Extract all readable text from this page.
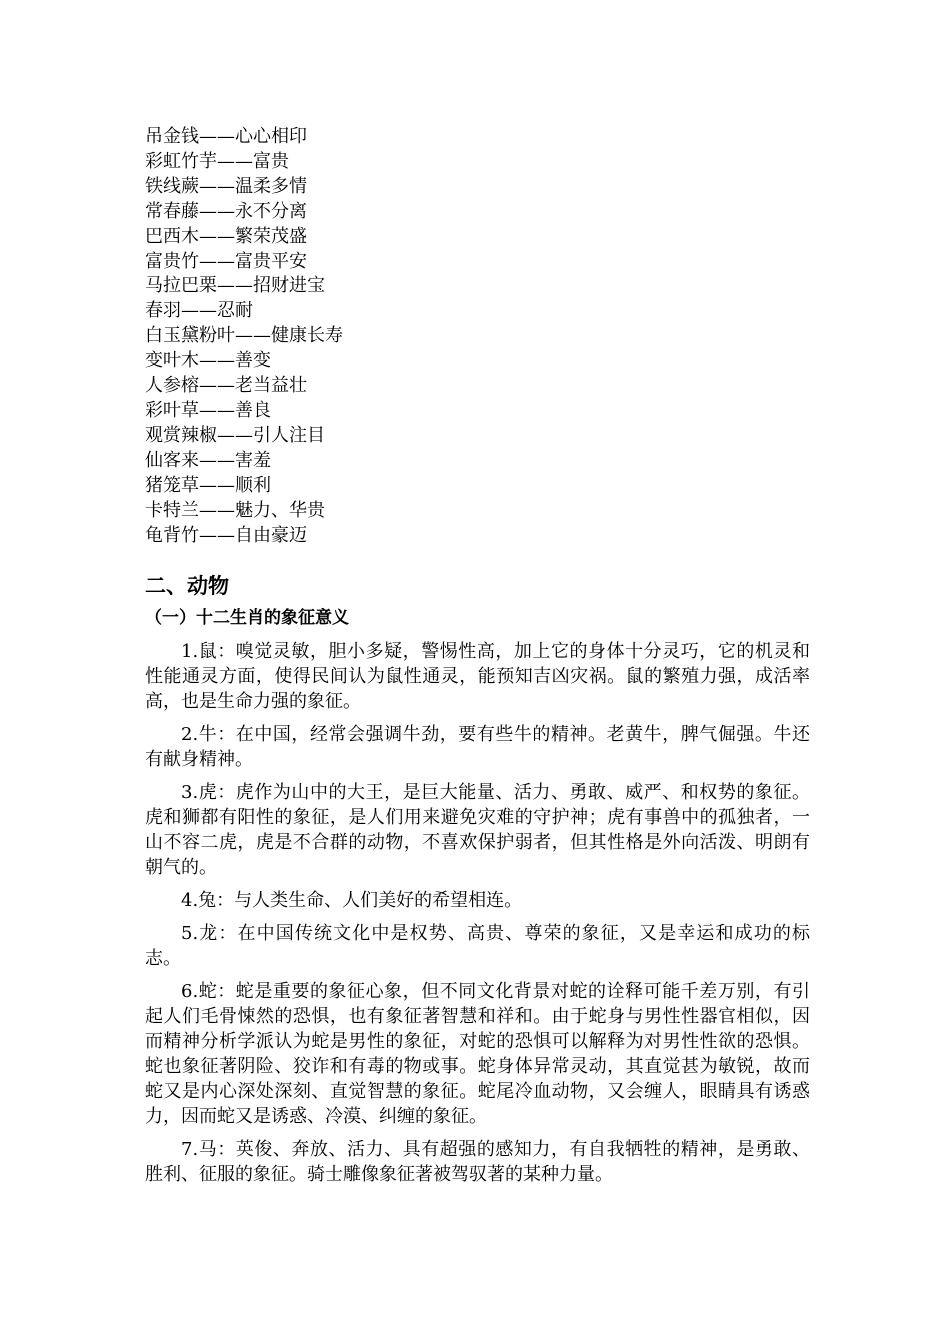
吊金钱——心心相印
彩虹竹芋——富贵
铁线蕨——温柔多情
常春藤——永不分离
巴西木——繁荣茂盛
富贵竹——富贵平安
马拉巴栗——招财进宝
春羽——忍耐
白玉黛粉叶——健康长寿
变叶木——善变
人参榕——老当益壮
彩叶草——善良
观赏辣椒——引人注目
仙客来——害羞
猪笼草——顺利
卡特兰——魅力、华贵
龟背竹——自由豪迈
二、动物
（一）十二生肖的象征意义

1.鼠：嗅觉灵敏，胆小多疑，警惕性高，加上它的身体十分灵巧，它的机灵和性能通灵方面，使得民间认为鼠性通灵，能预知吉凶灾祸。鼠的繁殖力强，成活率高，也是生命力强的象征。

2.牛：在中国，经常会强调牛劲，要有些牛的精神。老黄牛，脾气倔强。牛还有献身精神。

3.虎：虎作为山中的大王，是巨大能量、活力、勇敢、威严、和权势的象征。虎和狮都有阳性的象征，是人们用来避免灾难的守护神；虎有事兽中的孤独者，一山不容二虎，虎是不合群的动物，不喜欢保护弱者，但其性格是外向活泼、明朗有朝气的。

4.兔：与人类生命、人们美好的希望相连。

5.龙：在中国传统文化中是权势、高贵、尊荣的象征，又是幸运和成功的标志。

6.蛇：蛇是重要的象征心象，但不同文化背景对蛇的诠释可能千差万别，有引起人们毛骨悚然的恐惧，也有象征著智慧和祥和。由于蛇身与男性性器官相似，因而精神分析学派认为蛇是男性的象征，对蛇的恐惧可以解释为对男性性欲的恐惧。蛇也象征著阴险、狡诈和有毒的物或事。蛇身体异常灵动，其直觉甚为敏锐，故而蛇又是内心深处深刻、直觉智慧的象征。蛇尾冷血动物，又会缠人，眼睛具有诱惑力，因而蛇又是诱惑、冷漠、纠缠的象征。

7.马：英俊、奔放、活力、具有超强的感知力，有自我牺牲的精神，是勇敢、胜利、征服的象征。骑士雕像象征著被驾驭著的某种力量。
